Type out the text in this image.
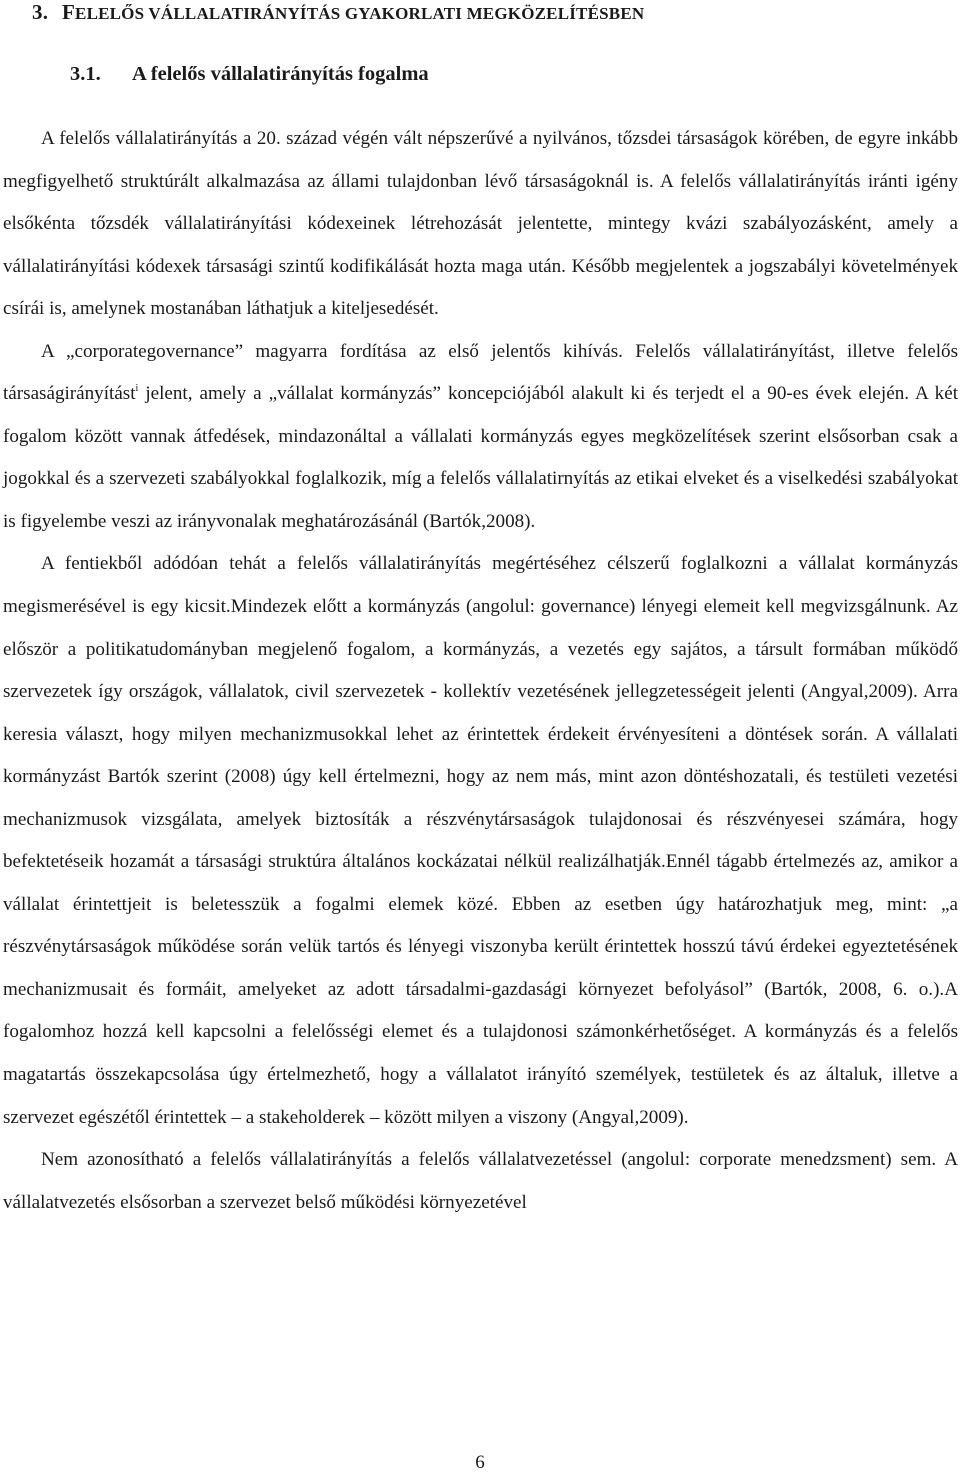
3. FELELŐS VÁLLALATIRÁNYÍTÁS GYAKORLATI MEGKÖZELÍTÉSBEN
3.1. A felelős vállalatirányítás fogalma

A felelős vállalatirányítás a 20. század végén vált népszerűvé a nyilvános, tőzsdei társaságok körében, de egyre inkább megfigyelhető struktúrált alkalmazása az állami tulajdonban lévő társaságoknál is. A felelős vállalatirányítás iránti igény elsőkénta tőzsdék vállalatirányítási kódexeinek létrehozását jelentette, mintegy kvázi szabályozásként, amely a vállalatirányítási kódexek társasági szintű kodifikálását hozta maga után. Később megjelentek a jogszabályi követelmények csírái is, amelynek mostanában láthatjuk a kiteljesedését.

A „corporategovernance” magyarra fordítása az első jelentős kihívás. Felelős vállalatirányítást, illetve felelős társaságirányítást$^i$ jelent, amely a „vállalat kormányzás” koncepciójából alakult ki és terjedt el a 90-es évek elején. A két fogalom között vannak átfedések, mindazonáltal a vállalati kormányzás egyes megközelítések szerint elsősorban csak a jogokkal és a szervezeti szabályokkal foglalkozik, míg a felelős vállalatirnyítás az etikai elveket és a viselkedési szabályokat is figyelembe veszi az irányvonalak meghatározásánál (Bartók,2008).

A fentiekből adódóan tehát a felelős vállalatirányítás megértéséhez célszerű foglalkozni a vállalat kormányzás megismerésével is egy kicsit.Mindezek előtt a kormányzás (angolul: governance) lényegi elemeit kell megvizsgálnunk. Az először a politikatudományban megjelenő fogalom, a kormányzás, a vezetés egy sajátos, a társult formában működő szervezetek így országok, vállalatok, civil szervezetek - kollektív vezetésének jellegzetességeit jelenti (Angyal,2009). Arra keresia választ, hogy milyen mechanizmusokkal lehet az érintettek érdekeit érvényesíteni a döntések során. A vállalati kormányzást Bartók szerint (2008) úgy kell értelmezni, hogy az nem más, mint azon döntéshozatali, és testületi vezetési mechanizmusok vizsgálata, amelyek biztosíták a részvénytársaságok tulajdonosai és részvényesei számára, hogy befektetéseik hozamát a társasági struktúra általános kockázatai nélkül realizálhatják.Ennél tágabb értelmezés az, amikor a vállalat érintettjeit is beletesszük a fogalmi elemek közé. Ebben az esetben úgy határozhatjuk meg, mint: „a részvénytársaságok működése során velük tartós és lényegi viszonyba került érintettek hosszú távú érdekei egyeztetésének mechanizmusait és formáit, amelyeket az adott társadalmi-gazdasági környezet befolyásol” (Bartók, 2008, 6. o.).A fogalomhoz hozzá kell kapcsolni a felelősségi elemet és a tulajdonosi számonkérhetőséget. A kormányzás és a felelős magatartás összekapcsolása úgy értelmezhető, hogy a vállalatot irányító személyek, testületek és az általuk, illetve a szervezet egészétől érintettek – a stakeholderek – között milyen a viszony (Angyal,2009).

Nem azonosítható a felelős vállalatirányítás a felelős vállalatvezetéssel (angolul: corporate menedzsment) sem. A vállalatvezetés elsősorban a szervezet belső működési környezetével

6
